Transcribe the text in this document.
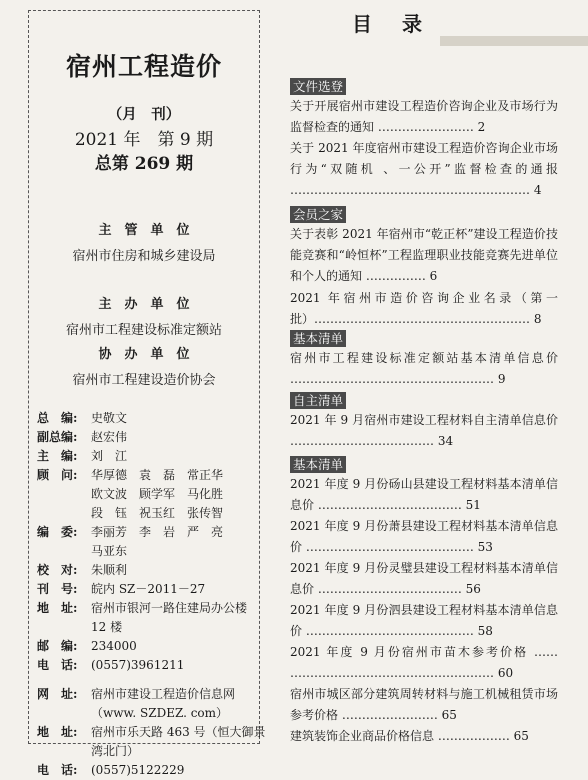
宿州工程造价
（月　刊）
2021 年　第 9 期
总第 269 期
主　管　单　位
宿州市住房和城乡建设局
主　办　单　位
宿州市工程建设标准定额站
协　办　单　位
宿州市工程建设造价协会
总　编:	史敬文
副总编:	赵宏伟
主　编:	刘　江
顾　问:	华厚德　袁　磊　常正华
欧文波　顾学军　马化胜
段　钰　祝玉红　张传智
编　委:	李丽芳　李　岩　严　亮
马亚东
校　对:	朱顺利
刊　号:	皖内 SZ－2011－27
地　址:	宿州市银河一路住建局办公楼
12 楼
邮　编:	234000
电　话:	(0557)3961211
网　址:	宿州市建设工程造价信息网
（www. SZDEZ. com）
地　址:	宿州市乐天路 463 号（恒大御景
湾北门）
电　话:	(0557)5122229
目录
文件选登
关于开展宿州市建设工程造价咨询企业及市场行为监督检查的通知 …………………… 2
关于 2021 年度宿州市建设工程造价咨询企业市场行为“双随机 、一公开”监督检查的通报 …………………………………………………… 4
会员之家
关于表彰 2021 年宿州市“乾正杯”建设工程造价技能竞赛和“岭恒杯”工程监理职业技能竞赛先进单位和个人的通知 …………… 6
2021 年宿州市造价咨询企业名录（第一批）……………………………………………… 8
基本清单
宿州市工程建设标准定额站基本清单信息价 …………………………………………… 9
自主清单
2021 年 9 月宿州市建设工程材料自主清单信息价 ……………………………… 34
基本清单
2021 年度 9 月份砀山县建设工程材料基本清单信息价 ……………………………… 51
2021 年度 9 月份萧县建设工程材料基本清单信息价 …………………………………… 53
2021 年度 9 月份灵璧县建设工程材料基本清单信息价 ……………………………… 56
2021 年度 9 月份泗县建设工程材料基本清单信息价 …………………………………… 58
2021 年度 9 月份宿州市苗木参考价格 …… …………………………………………… 60
宿州市城区部分建筑周转材料与施工机械租赁市场参考价格 …………………… 65
建筑装饰企业商品价格信息 ……………… 65
